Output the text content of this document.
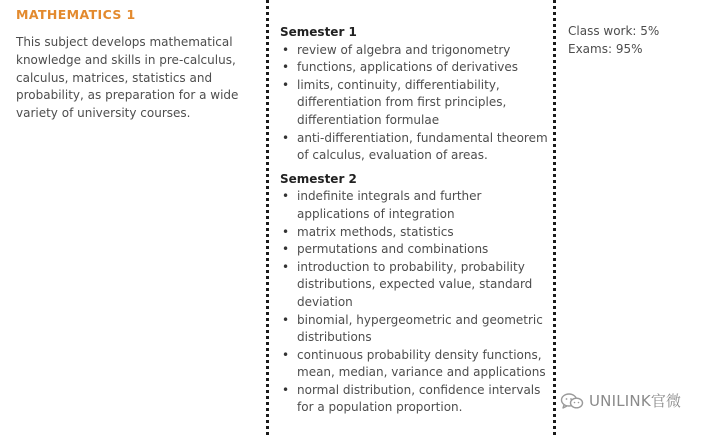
MATHEMATICS 1

This subject develops mathematical knowledge and skills in pre-calculus, calculus, matrices, statistics and probability, as preparation for a wide variety of university courses.

Semester 1
• review of algebra and trigonometry
• functions, applications of derivatives
• limits, continuity, differentiability, differentiation from first principles, differentiation formulae
• anti-differentiation, fundamental theorem of calculus, evaluation of areas.
Semester 2
• indefinite integrals and further applications of integration
• matrix methods, statistics
• permutations and combinations
• introduction to probability, probability distributions, expected value, standard deviation
• binomial, hypergeometric and geometric distributions
• continuous probability density functions, mean, median, variance and applications
• normal distribution, confidence intervals for a population proportion.

Class work: 5%

Exams: 95%

UNILINK官微
